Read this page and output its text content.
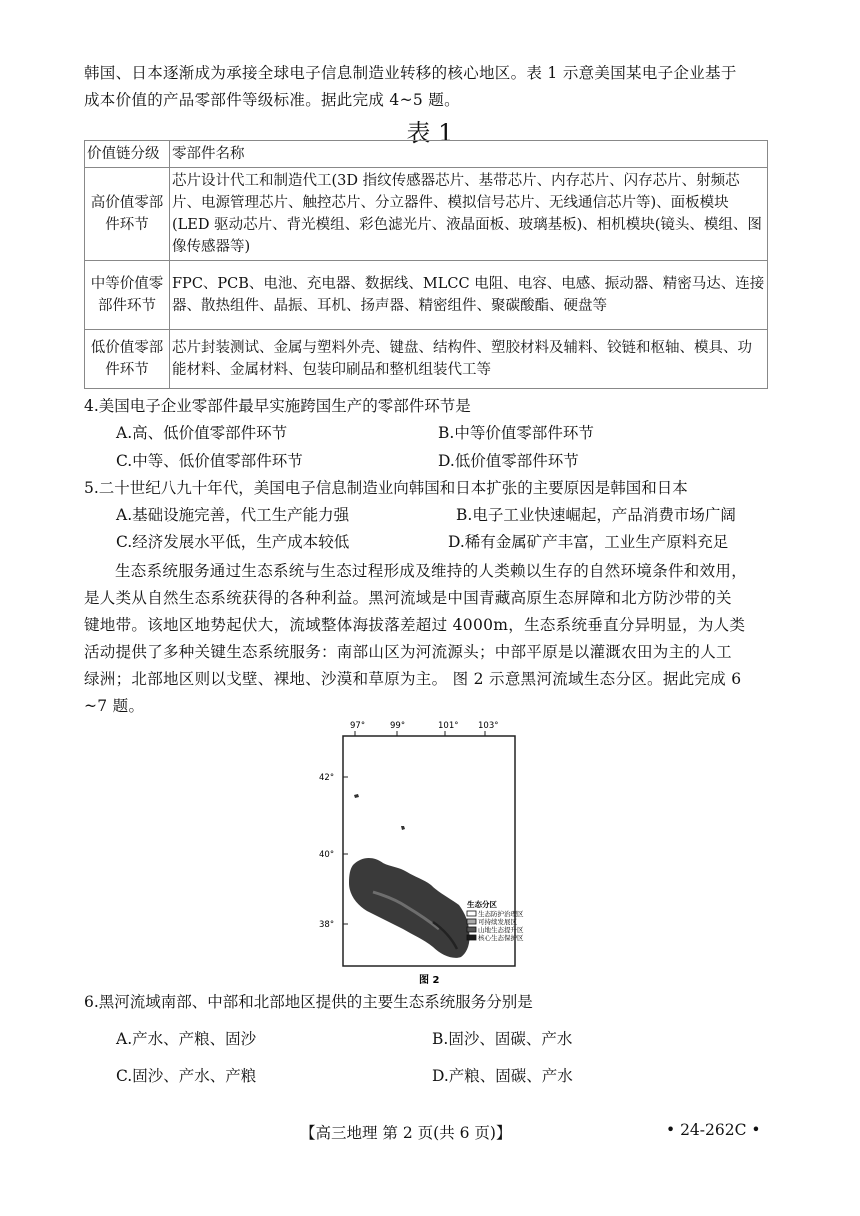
韩国、日本逐渐成为承接全球电子信息制造业转移的核心地区。表 1 示意美国某电子企业基于
成本价值的产品零部件等级标准。据此完成 4~5 题。
表 1
价值链分级	零部件名称
高价值零部件环节	芯片设计代工和制造代工(3D 指纹传感器芯片、基带芯片、内存芯片、闪存芯片、射频芯片、电源管理芯片、触控芯片、分立器件、模拟信号芯片、无线通信芯片等)、面板模块(LED 驱动芯片、背光模组、彩色滤光片、液晶面板、玻璃基板)、相机模块(镜头、模组、图像传感器等)
中等价值零部件环节	FPC、PCB、电池、充电器、数据线、MLCC 电阻、电容、电感、振动器、精密马达、连接器、散热组件、晶振、耳机、扬声器、精密组件、聚碳酸酯、硬盘等
低价值零部件环节	芯片封装测试、金属与塑料外壳、键盘、结构件、塑胶材料及辅料、铰链和枢轴、模具、功能材料、金属材料、包装印刷品和整机组装代工等
4.美国电子企业零部件最早实施跨国生产的零部件环节是
A.高、低价值零部件环节	B.中等价值零部件环节
C.中等、低价值零部件环节	D.低价值零部件环节
5.二十世纪八九十年代，美国电子信息制造业向韩国和日本扩张的主要原因是韩国和日本
A.基础设施完善，代工生产能力强	B.电子工业快速崛起，产品消费市场广阔
C.经济发展水平低，生产成本较低	D.稀有金属矿产丰富，工业生产原料充足
生态系统服务通过生态系统与生态过程形成及维持的人类赖以生存的自然环境条件和效用，
是人类从自然生态系统获得的各种利益。黑河流域是中国青藏高原生态屏障和北方防沙带的关
键地带。该地区地势起伏大，流域整体海拔落差超过 4000m，生态系统垂直分异明显，为人类
活动提供了多种关键生态系统服务：南部山区为河流源头；中部平原是以灌溉农田为主的人工
绿洲；北部地区则以戈壁、裸地、沙漠和草原为主。 图 2 示意黑河流域生态分区。据此完成 6
~7 题。
97°	99°	101° 103°
42°
40°
38°
生态分区
生态防护治理区
可持续发展区
山地生态提升区
核心生态保护区
图 2
6.黑河流域南部、中部和北部地区提供的主要生态系统服务分别是
A.产水、产粮、固沙	B.固沙、固碳、产水
C.固沙、产水、产粮	D.产粮、固碳、产水
【高三地理 第 2 页(共 6 页)】	• 24-262C •
